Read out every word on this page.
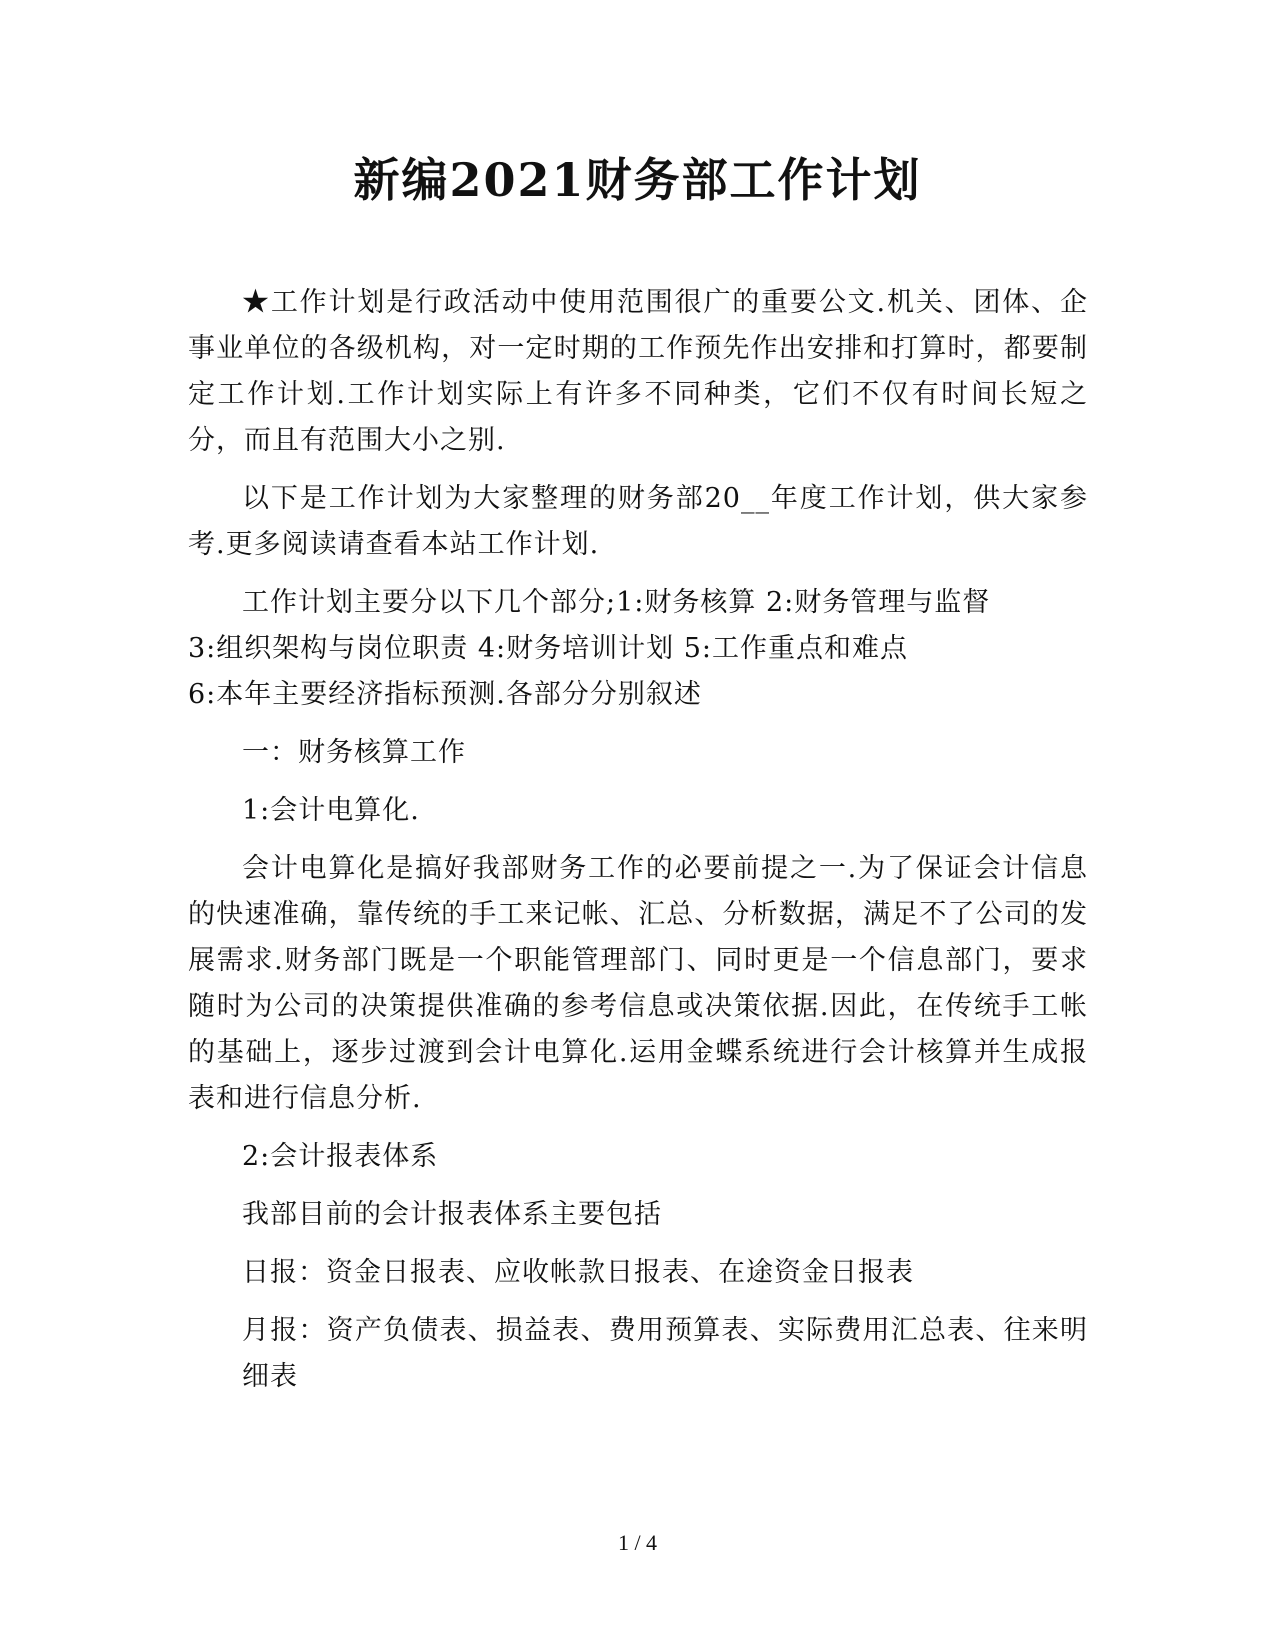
新编2021财务部工作计划

★工作计划是行政活动中使用范围很广的重要公文.机关、团体、企事业单位的各级机构，对一定时期的工作预先作出安排和打算时，都要制定工作计划.工作计划实际上有许多不同种类，它们不仅有时间长短之分，而且有范围大小之别.

以下是工作计划为大家整理的财务部20__年度工作计划，供大家参考.更多阅读请查看本站工作计划.

工作计划主要分以下几个部分;1:财务核算 2:财务管理与监督

3:组织架构与岗位职责 4:财务培训计划 5:工作重点和难点

6:本年主要经济指标预测.各部分分别叙述

一：财务核算工作

1:会计电算化.

会计电算化是搞好我部财务工作的必要前提之一.为了保证会计信息的快速准确，靠传统的手工来记帐、汇总、分析数据，满足不了公司的发展需求.财务部门既是一个职能管理部门、同时更是一个信息部门，要求随时为公司的决策提供准确的参考信息或决策依据.因此，在传统手工帐的基础上，逐步过渡到会计电算化.运用金蝶系统进行会计核算并生成报表和进行信息分析.

2:会计报表体系

我部目前的会计报表体系主要包括

日报：资金日报表、应收帐款日报表、在途资金日报表

月报：资产负债表、损益表、费用预算表、实际费用汇总表、往来明细表

1 / 4
